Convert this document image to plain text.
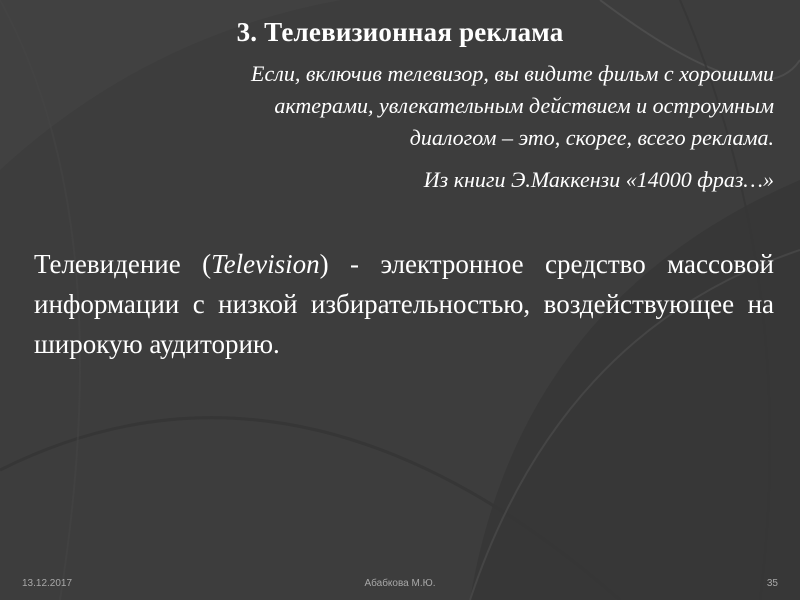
3. Телевизионная реклама
Если, включив телевизор, вы видите фильм с хорошими
актерами, увлекательным действием и остроумным
диалогом – это, скорее, всего реклама.
Из книги Э.Маккензи «14000 фраз…»
Телевидение (Television) - электронное средство массовой информации с низкой избирательностью, воздействующее на широкую аудиторию.
Абабкова М.Ю.
13.12.2017	35
